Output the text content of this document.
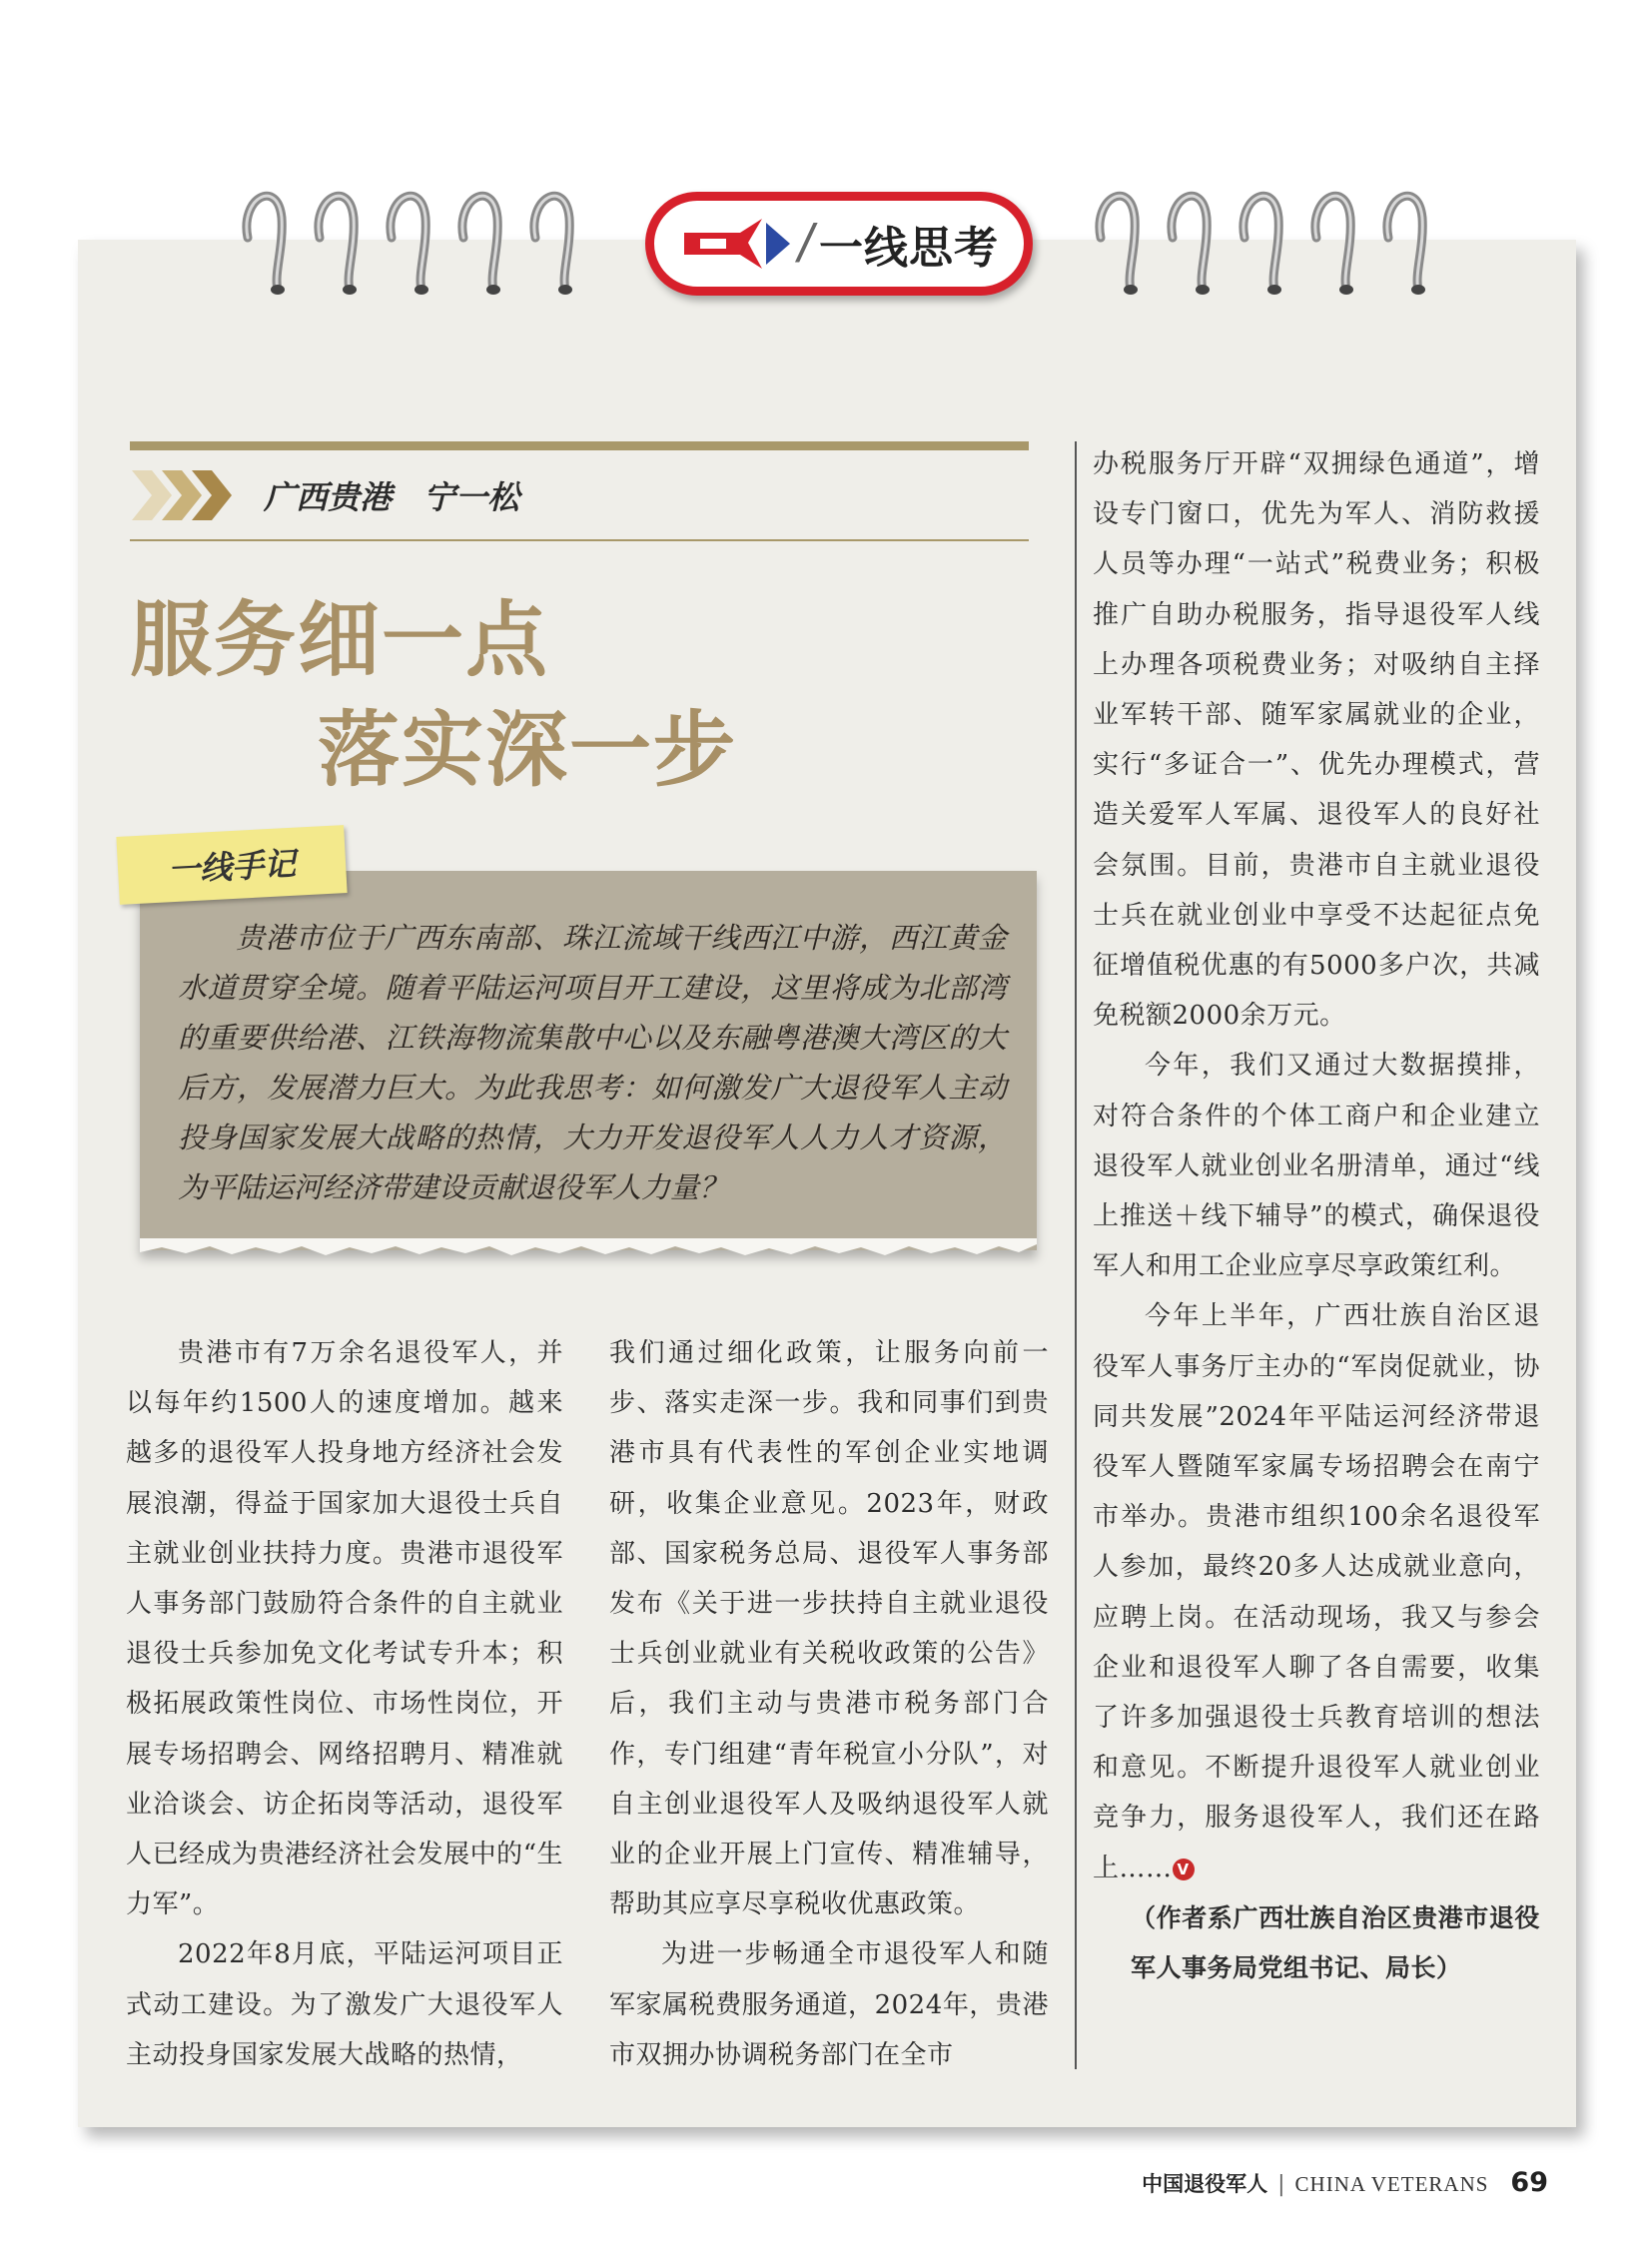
/ 一线思考
广西贵港　宁一松
服务细一点
落实深一步
一线手记
贵港市位于广西东南部、珠江流域干线西江中游，西江黄金水道贯穿全境。随着平陆运河项目开工建设，这里将成为北部湾的重要供给港、江铁海物流集散中心以及东融粤港澳大湾区的大后方，发展潜力巨大。为此我思考：如何激发广大退役军人主动投身国家发展大战略的热情，大力开发退役军人人力人才资源，为平陆运河经济带建设贡献退役军人力量？

贵港市有7万余名退役军人，并以每年约1500人的速度增加。越来越多的退役军人投身地方经济社会发展浪潮，得益于国家加大退役士兵自主就业创业扶持力度。贵港市退役军人事务部门鼓励符合条件的自主就业退役士兵参加免文化考试专升本；积极拓展政策性岗位、市场性岗位，开展专场招聘会、网络招聘月、精准就业洽谈会、访企拓岗等活动，退役军人已经成为贵港经济社会发展中的“生力军”。

2022年8月底，平陆运河项目正式动工建设。为了激发广大退役军人主动投身国家发展大战略的热情，

我们通过细化政策，让服务向前一步、落实走深一步。我和同事们到贵港市具有代表性的军创企业实地调研，收集企业意见。2023年，财政部、国家税务总局、退役军人事务部发布《关于进一步扶持自主就业退役士兵创业就业有关税收政策的公告》后，我们主动与贵港市税务部门合作，专门组建“青年税宣小分队”，对自主创业退役军人及吸纳退役军人就业的企业开展上门宣传、精准辅导，帮助其应享尽享税收优惠政策。

为进一步畅通全市退役军人和随军家属税费服务通道，2024年，贵港市双拥办协调税务部门在全市

办税服务厅开辟“双拥绿色通道”，增设专门窗口，优先为军人、消防救援人员等办理“一站式”税费业务；积极推广自助办税服务，指导退役军人线上办理各项税费业务；对吸纳自主择业军转干部、随军家属就业的企业，实行“多证合一”、优先办理模式，营造关爱军人军属、退役军人的良好社会氛围。目前，贵港市自主就业退役士兵在就业创业中享受不达起征点免征增值税优惠的有5000多户次，共减免税额2000余万元。

今年，我们又通过大数据摸排，对符合条件的个体工商户和企业建立退役军人就业创业名册清单，通过“线上推送＋线下辅导”的模式，确保退役军人和用工企业应享尽享政策红利。

今年上半年，广西壮族自治区退役军人事务厅主办的“军岗促就业，协同共发展”2024年平陆运河经济带退役军人暨随军家属专场招聘会在南宁市举办。贵港市组织100余名退役军人参加，最终20多人达成就业意向，应聘上岗。在活动现场，我又与参会企业和退役军人聊了各自需要，收集了许多加强退役士兵教育培训的想法和意见。不断提升退役军人就业创业竞争力，服务退役军人，我们还在路上…… V

（作者系广西壮族自治区贵港市退役军人事务局党组书记、局长）

中国退役军人 | CHINA VETERANS 69
